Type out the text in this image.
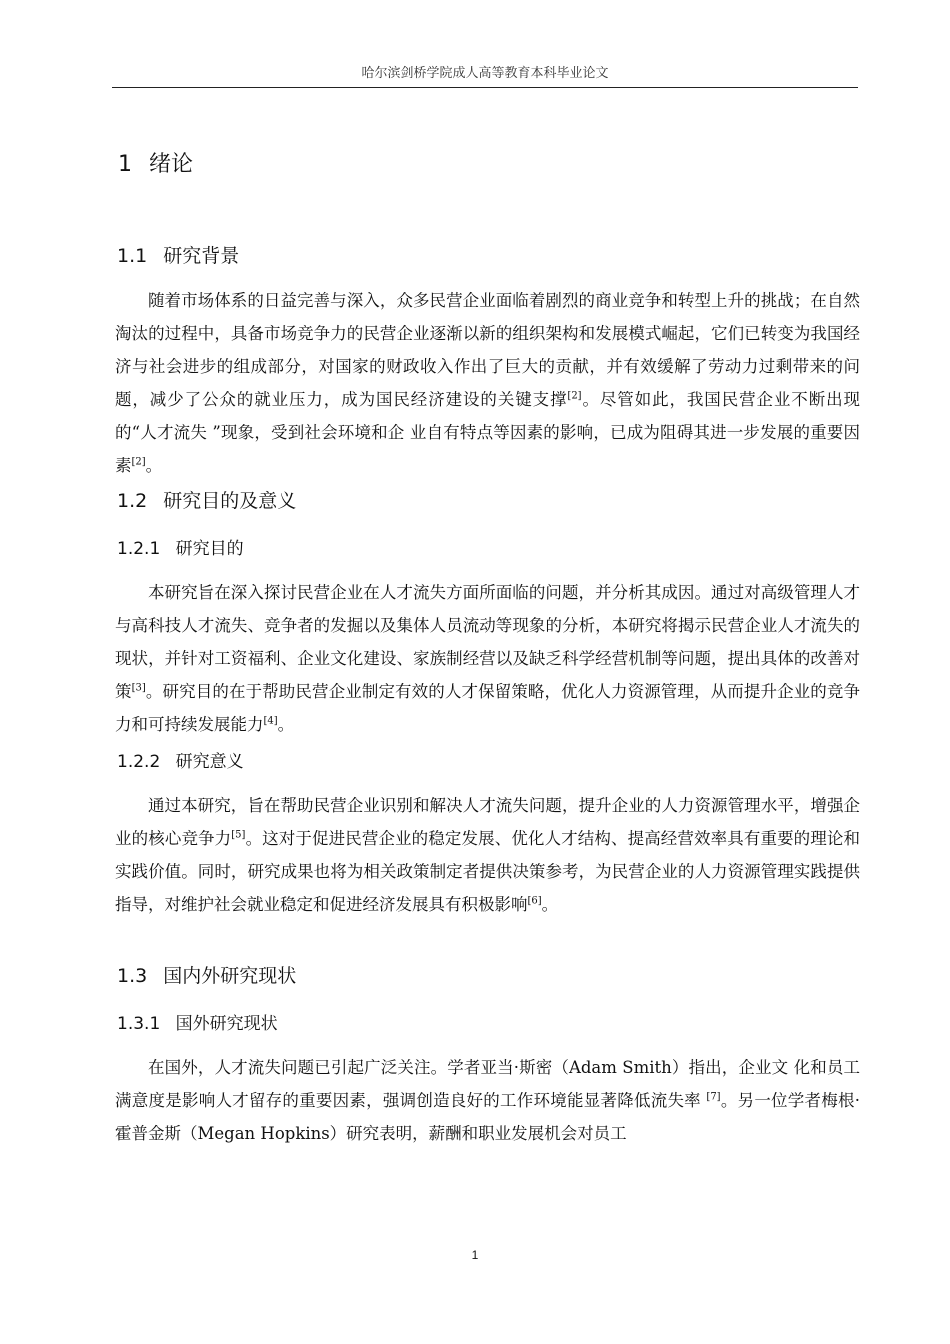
哈尔滨剑桥学院成人高等教育本科毕业论文
1 绪论
1.1 研究背景
随着市场体系的日益完善与深入，众多民营企业面临着剧烈的商业竞争和转型上升的挑战；在自然淘汰的过程中，具备市场竞争力的民营企业逐渐以新的组织架构和发展模式崛起，它们已转变为我国经济与社会进步的组成部分，对国家的财政收入作出了巨大的贡献，并有效缓解了劳动力过剩带来的问题，减少了公众的就业压力，成为国民经济建设的关键支撑[2]。尽管如此，我国民营企业不断出现的“人才流失 ”现象，受到社会环境和企 业自有特点等因素的影响，已成为阻碍其进一步发展的重要因素[2]。
1.2 研究目的及意义
1.2.1 研究目的
本研究旨在深入探讨民营企业在人才流失方面所面临的问题，并分析其成因。通过对高级管理人才与高科技人才流失、竞争者的发掘以及集体人员流动等现象的分析，本研究将揭示民营企业人才流失的现状，并针对工资福利、企业文化建设、家族制经营以及缺乏科学经营机制等问题，提出具体的改善对策[3]。研究目的在于帮助民营企业制定有效的人才保留策略，优化人力资源管理，从而提升企业的竞争力和可持续发展能力[4]。
1.2.2 研究意义
通过本研究，旨在帮助民营企业识别和解决人才流失问题，提升企业的人力资源管理水平，增强企业的核心竞争力[5]。这对于促进民营企业的稳定发展、优化人才结构、提高经营效率具有重要的理论和实践价值。同时，研究成果也将为相关政策制定者提供决策参考，为民营企业的人力资源管理实践提供指导，对维护社会就业稳定和促进经济发展具有积极影响[6]。
1.3 国内外研究现状
1.3.1 国外研究现状
在国外，人才流失问题已引起广泛关注。学者亚当·斯密（Adam Smith）指出，企业文 化和员工满意度是影响人才留存的重要因素，强调创造良好的工作环境能显著降低流失率 [7]。另一位学者梅根·霍普金斯（Megan Hopkins）研究表明，薪酬和职业发展机会对员工
1
